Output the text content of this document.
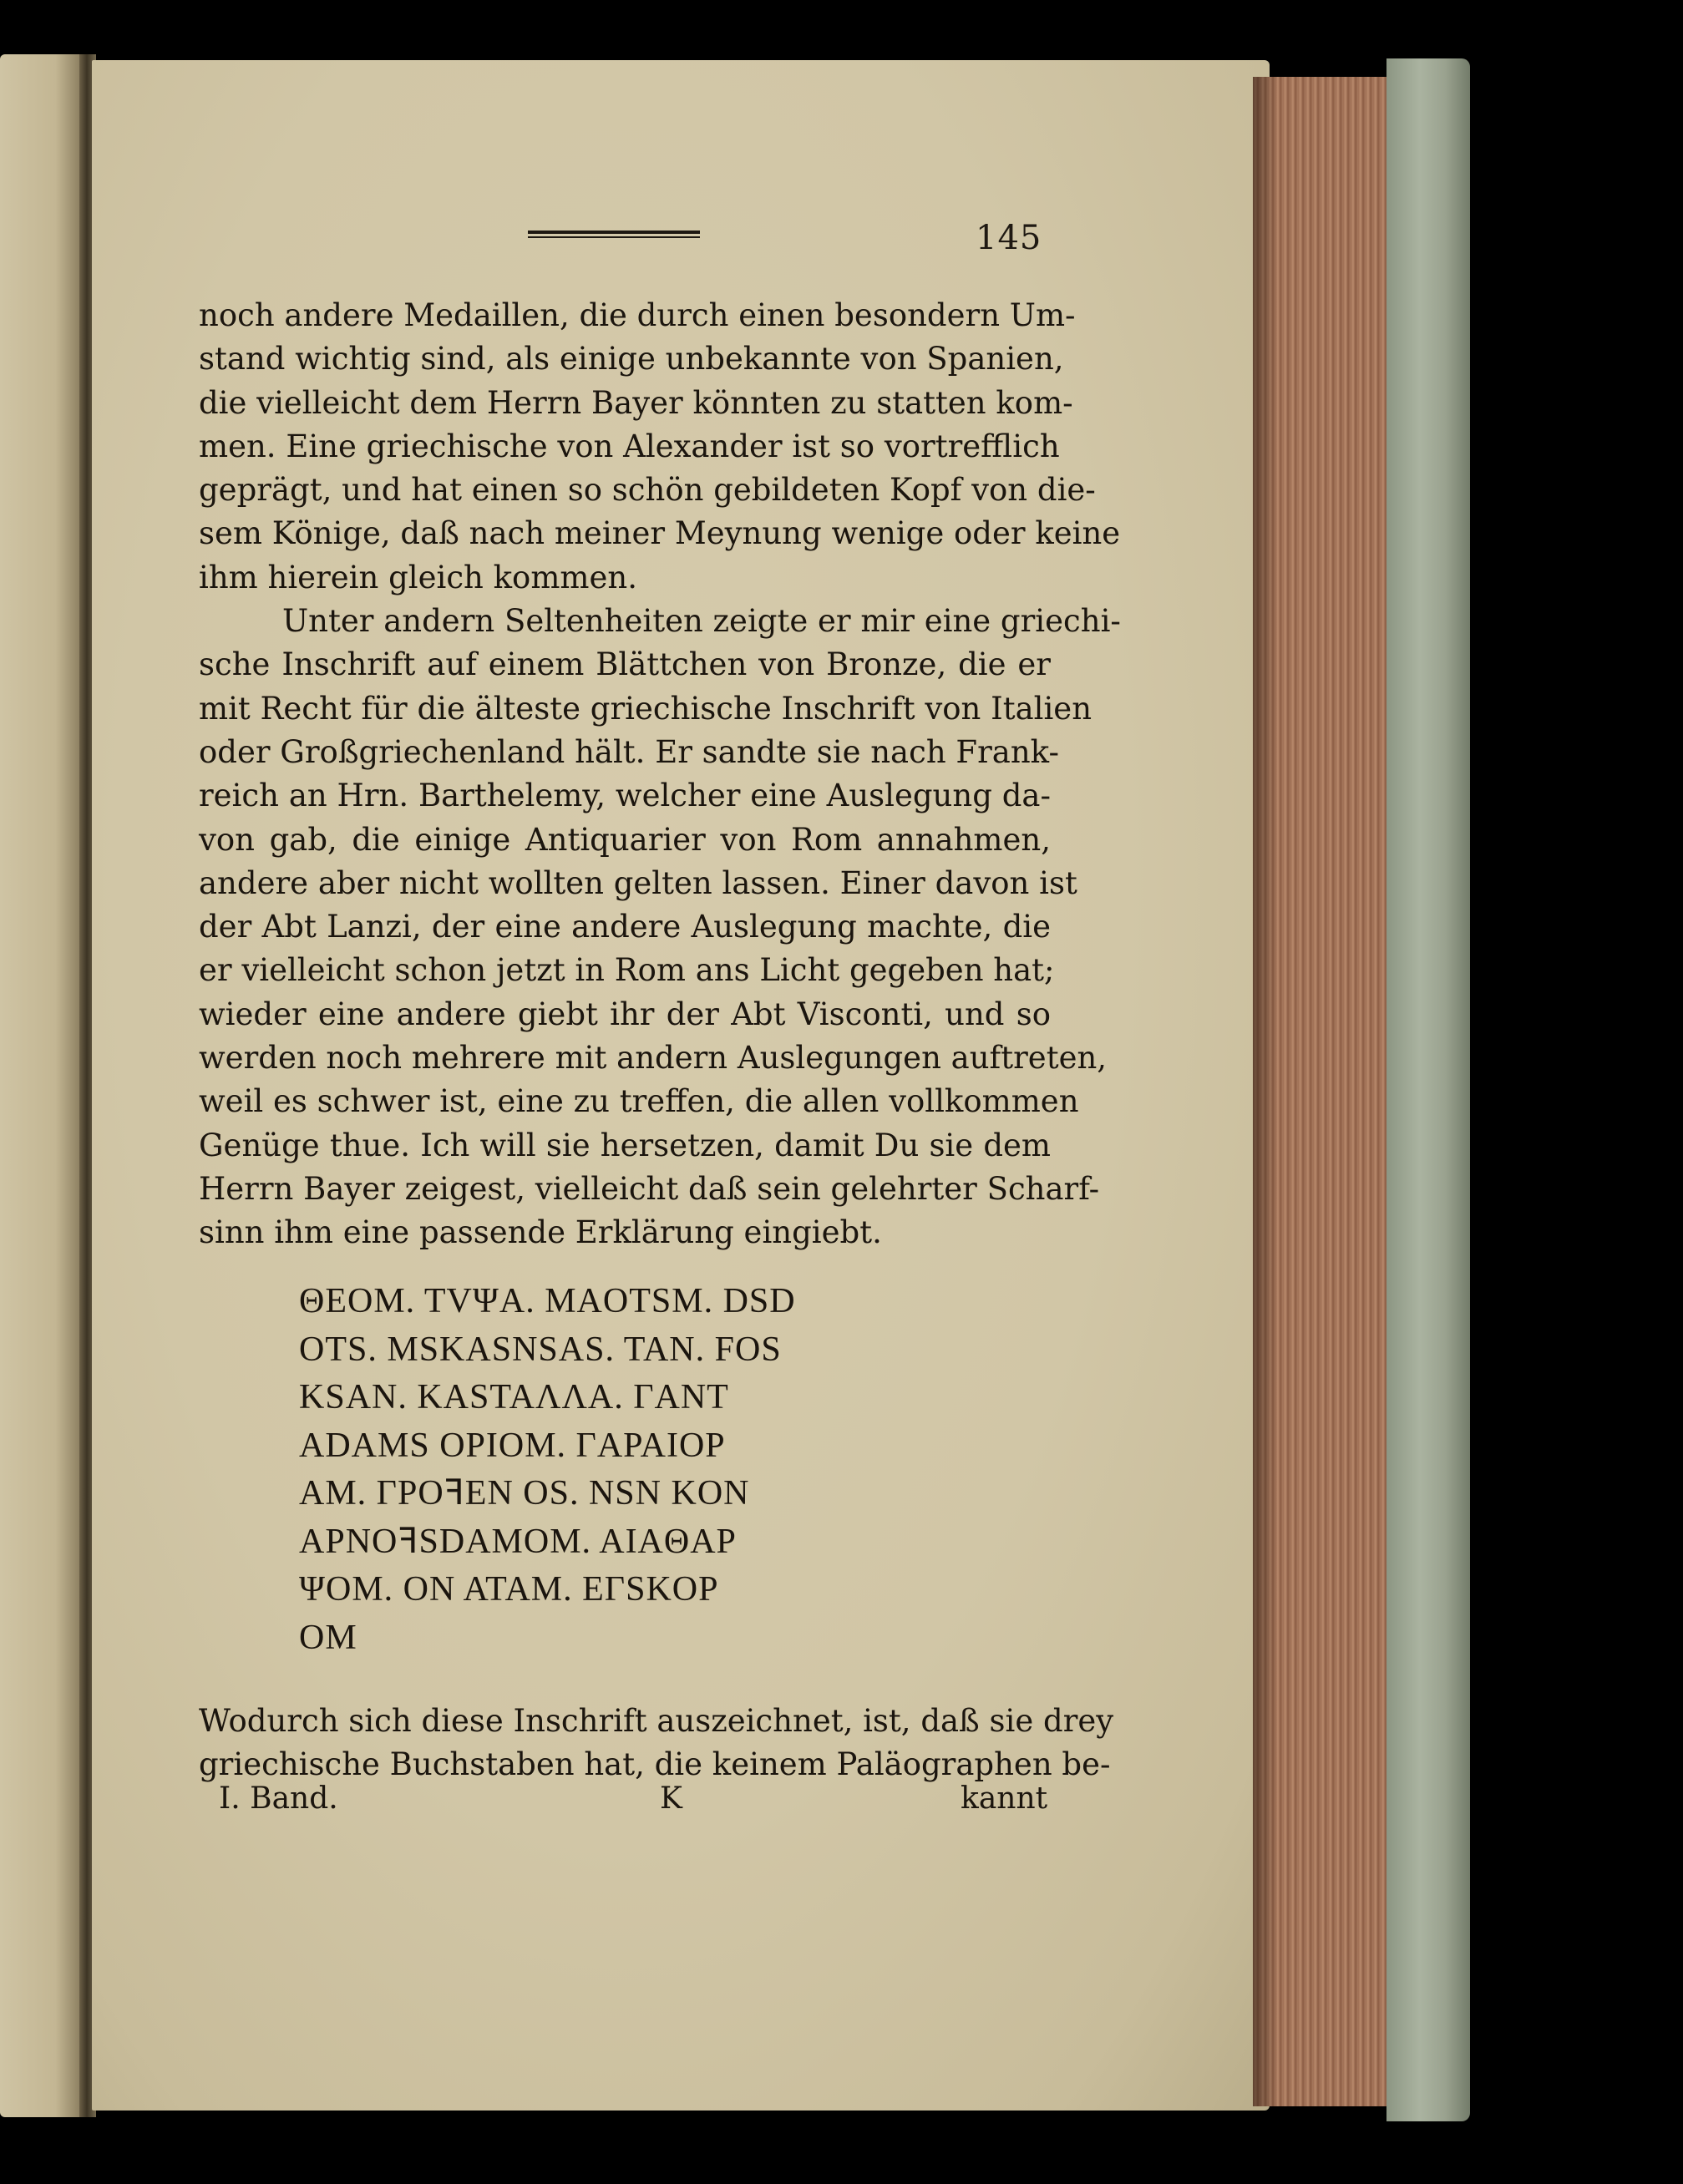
145
noch andere Medaillen, die durch einen besondern Um-
stand wichtig sind, als einige unbekannte von Spanien,
die vielleicht dem Herrn Bayer könnten zu statten kom-
men. Eine griechische von Alexander ist so vortrefflich
geprägt, und hat einen so schön gebildeten Kopf von die-
sem Könige, daß nach meiner Meynung wenige oder keine
ihm hierein gleich kommen.
Unter andern Seltenheiten zeigte er mir eine griechi-
sche Inschrift auf einem Blättchen von Bronze, die er
mit Recht für die älteste griechische Inschrift von Italien
oder Großgriechenland hält. Er sandte sie nach Frank-
reich an Hrn. Barthelemy, welcher eine Auslegung da-
von gab, die einige Antiquarier von Rom annahmen,
andere aber nicht wollten gelten lassen. Einer davon ist
der Abt Lanzi, der eine andere Auslegung machte, die
er vielleicht schon jetzt in Rom ans Licht gegeben hat;
wieder eine andere giebt ihr der Abt Visconti, und so
werden noch mehrere mit andern Auslegungen auftreten,
weil es schwer ist, eine zu treffen, die allen vollkommen
Genüge thue. Ich will sie hersetzen, damit Du sie dem
Herrn Bayer zeigest, vielleicht daß sein gelehrter Scharf-
sinn ihm eine passende Erklärung eingiebt.
ΘEOM. TVΨA. MAOTSM. DSD
OTS. MSKASNSAS. TAN. FOS
KSAN. KASTAΛΛA. ΓANT
ADAMS OPIOM. ΓAPAIOP
AM. ΓPOꟻEN OS. NSN KON
APNOꟻSDAMOM. AIAΘAP
ΨOM. ON ATAM. EΓSKOP
OM
Wodurch sich diese Inschrift auszeichnet, ist, daß sie drey
griechische Buchstaben hat, die keinem Paläographen be-
I. Band.	K	kannt
